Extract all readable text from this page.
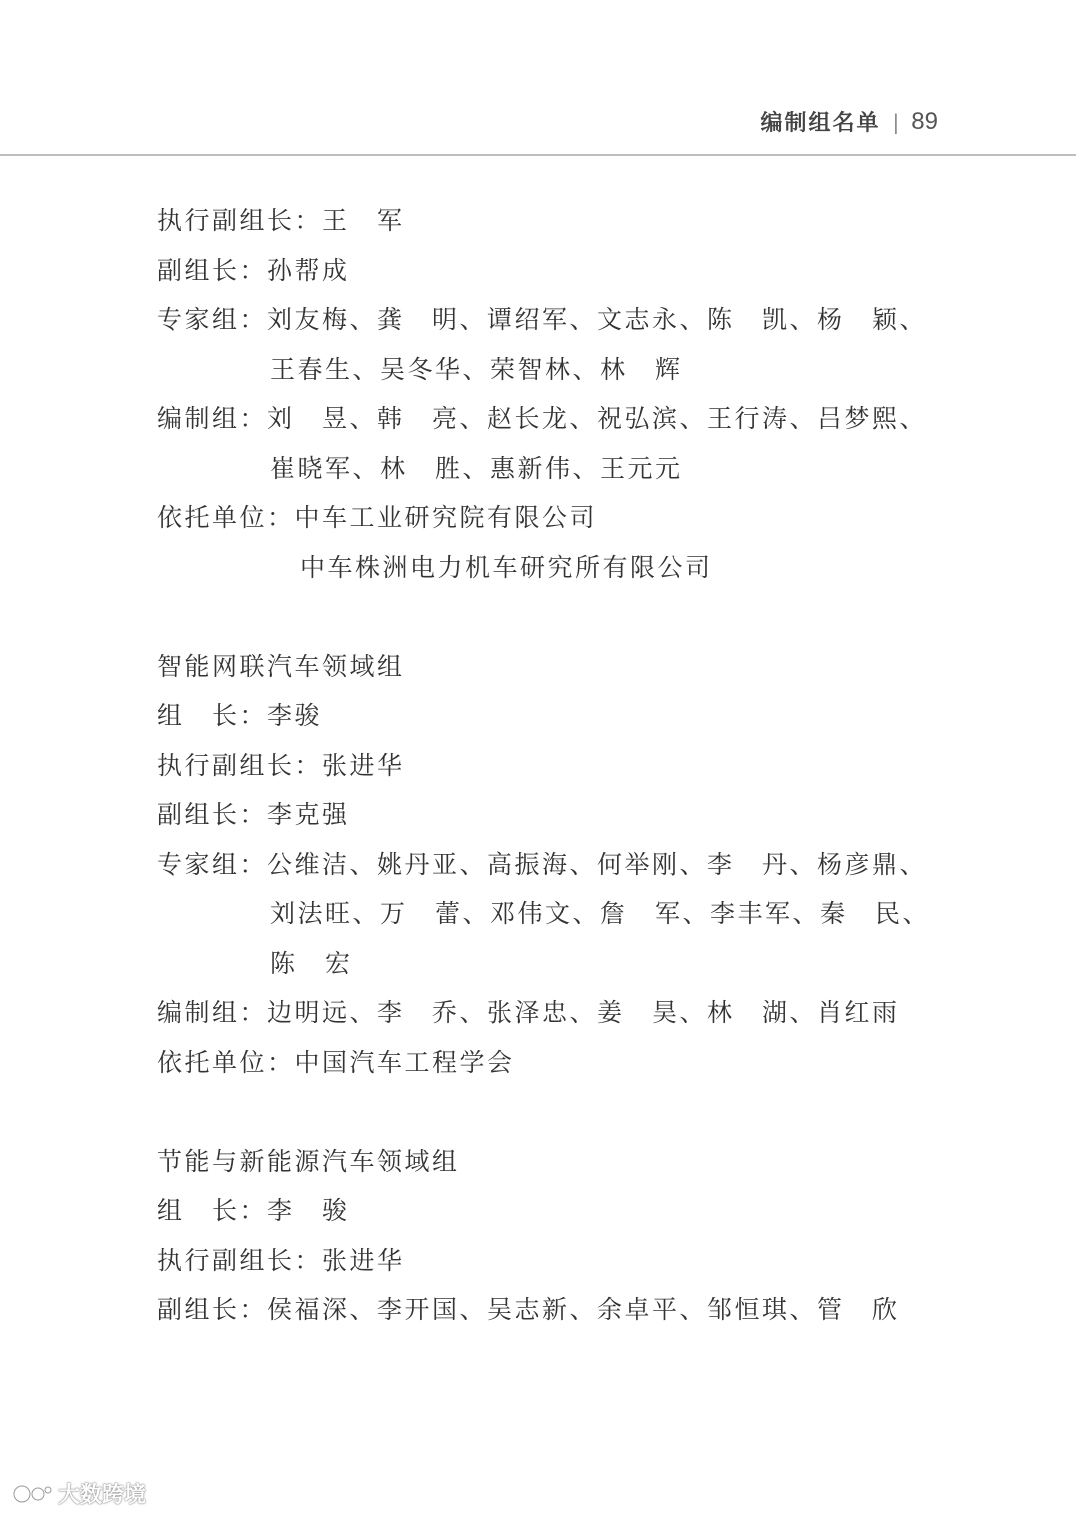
编制组名单 | 89
执行副组长：王　军
副组长：孙帮成
专家组：刘友梅、龚　明、谭绍军、文志永、陈　凯、杨　颖、
王春生、吴冬华、荣智林、林　辉
编制组：刘　昱、韩　亮、赵长龙、祝弘滨、王行涛、吕梦熙、
崔晓军、林　胜、惠新伟、王元元
依托单位：中车工业研究院有限公司
中车株洲电力机车研究所有限公司
智能网联汽车领域组
组　长：李骏
执行副组长：张进华
副组长：李克强
专家组：公维洁、姚丹亚、高振海、何举刚、李　丹、杨彦鼎、
刘法旺、万　蕾、邓伟文、詹　军、李丰军、秦　民、
陈　宏
编制组：边明远、李　乔、张泽忠、姜　昊、林　湖、肖红雨
依托单位：中国汽车工程学会
节能与新能源汽车领域组
组　长：李　骏
执行副组长：张进华
副组长：侯福深、李开国、吴志新、余卓平、邹恒琪、管　欣
大数跨境
